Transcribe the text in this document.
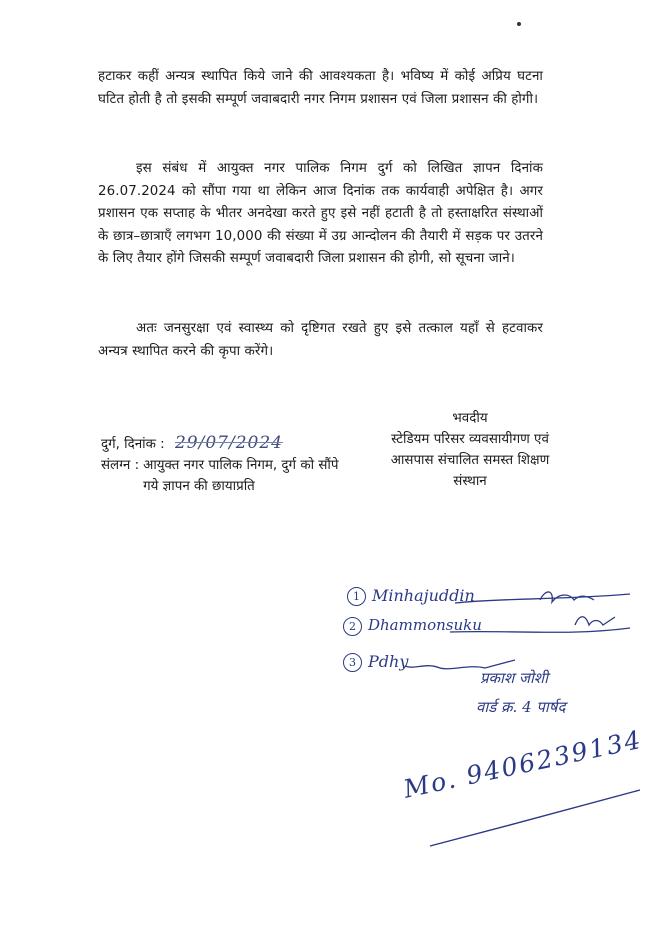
हटाकर कहीं अन्यत्र स्थापित किये जाने की आवश्यकता है। भविष्य में कोई अप्रिय घटना घटित होती है तो इसकी सम्पूर्ण जवाबदारी नगर निगम प्रशासन एवं जिला प्रशासन की होगी।

इस संबंध में आयुक्त नगर पालिक निगम दुर्ग को लिखित ज्ञापन दिनांक 26.07.2024 को सौंपा गया था लेकिन आज दिनांक तक कार्यवाही अपेक्षित है। अगर प्रशासन एक सप्ताह के भीतर अनदेखा करते हुए इसे नहीं हटाती है तो हस्ताक्षरित संस्थाओं के छात्र–छात्राएँ लगभग 10,000 की संख्या में उग्र आन्दोलन की तैयारी में सड़क पर उतरने के लिए तैयार होंगे जिसकी सम्पूर्ण जवाबदारी जिला प्रशासन की होगी, सो सूचना जाने।

अतः जनसुरक्षा एवं स्वास्थ्य को दृष्टिगत रखते हुए इसे तत्काल यहाँ से हटवाकर अन्यत्र स्थापित करने की कृपा करेंगे।

भवदीय
स्टेडियम परिसर व्यवसायीगण एवं
आसपास संचालित समस्त शिक्षण
संस्थान
दुर्ग, दिनांक : 29/07/2024
संलग्न : आयुक्त नगर पालिक निगम, दुर्ग को सौंपे गये ज्ञापन की छायाप्रति
1 Minhajuddin
2 Dhammonsuku
3 Pdhy
प्रकाश जोशी
वार्ड क्र. 4 पार्षद
Mo. 9406239134
